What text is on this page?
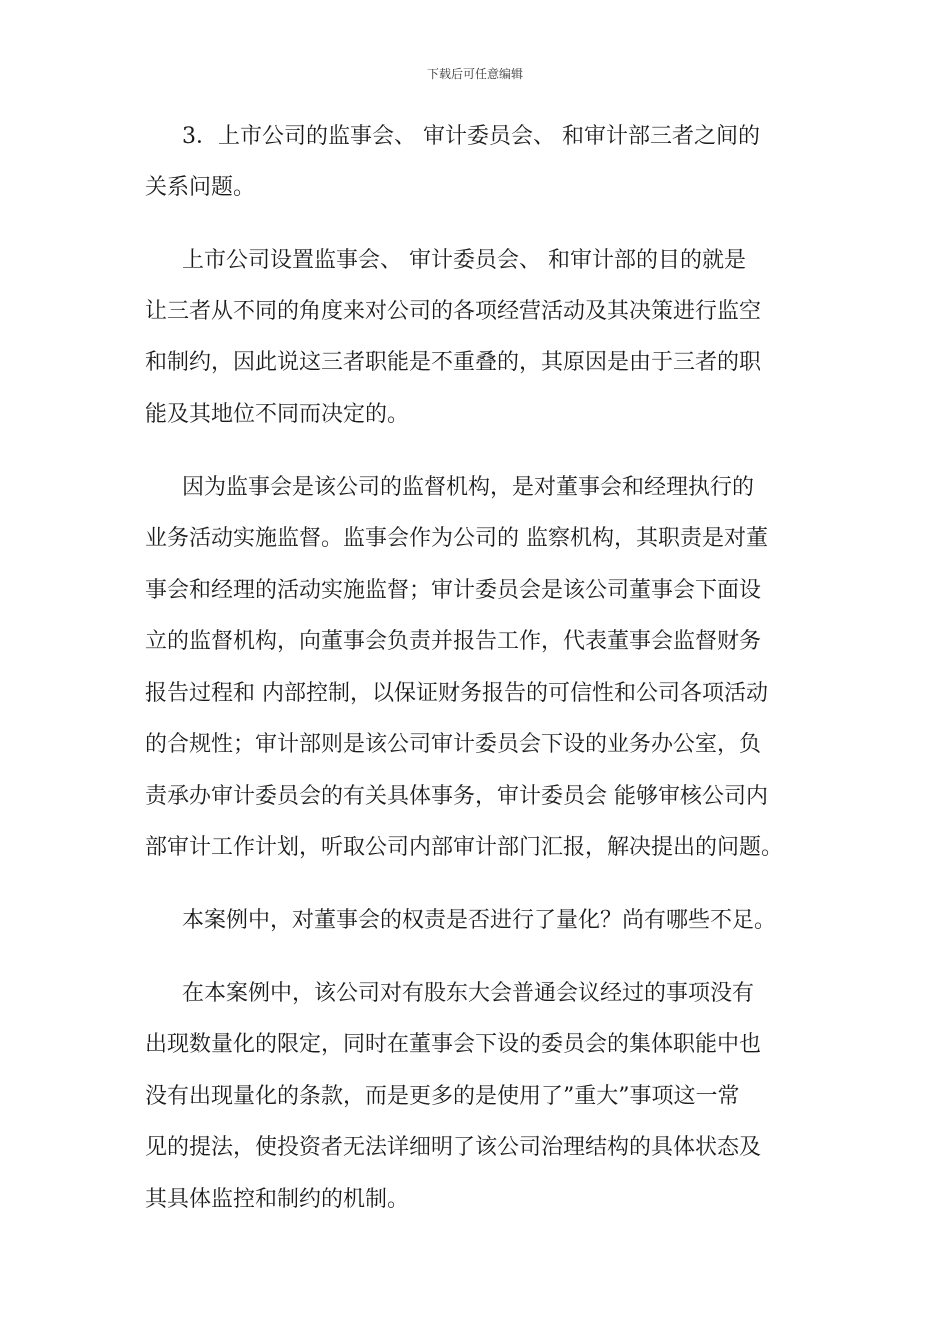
下载后可任意编辑
3．上市公司的监事会、 审计委员会、 和审计部三者之间的
关系问题。
上市公司设置监事会、 审计委员会、 和审计部的目的就是
让三者从不同的角度来对公司的各项经营活动及其决策进行监空
和制约，因此说这三者职能是不重叠的，其原因是由于三者的职
能及其地位不同而决定的。
因为监事会是该公司的监督机构，是对董事会和经理执行的
业务活动实施监督。监事会作为公司的 监察机构，其职责是对董
事会和经理的活动实施监督；审计委员会是该公司董事会下面设
立的监督机构，向董事会负责并报告工作，代表董事会监督财务
报告过程和 内部控制，以保证财务报告的可信性和公司各项活动
的合规性；审计部则是该公司审计委员会下设的业务办公室，负
责承办审计委员会的有关具体事务，审计委员会 能够审核公司内
部审计工作计划，听取公司内部审计部门汇报，解决提出的问题。
本案例中，对董事会的权责是否进行了量化？尚有哪些不足。
在本案例中，该公司对有股东大会普通会议经过的事项没有
出现数量化的限定，同时在董事会下设的委员会的集体职能中也
没有出现量化的条款，而是更多的是使用了”重大”事项这一常
见的提法，使投资者无法详细明了该公司治理结构的具体状态及
其具体监控和制约的机制。
